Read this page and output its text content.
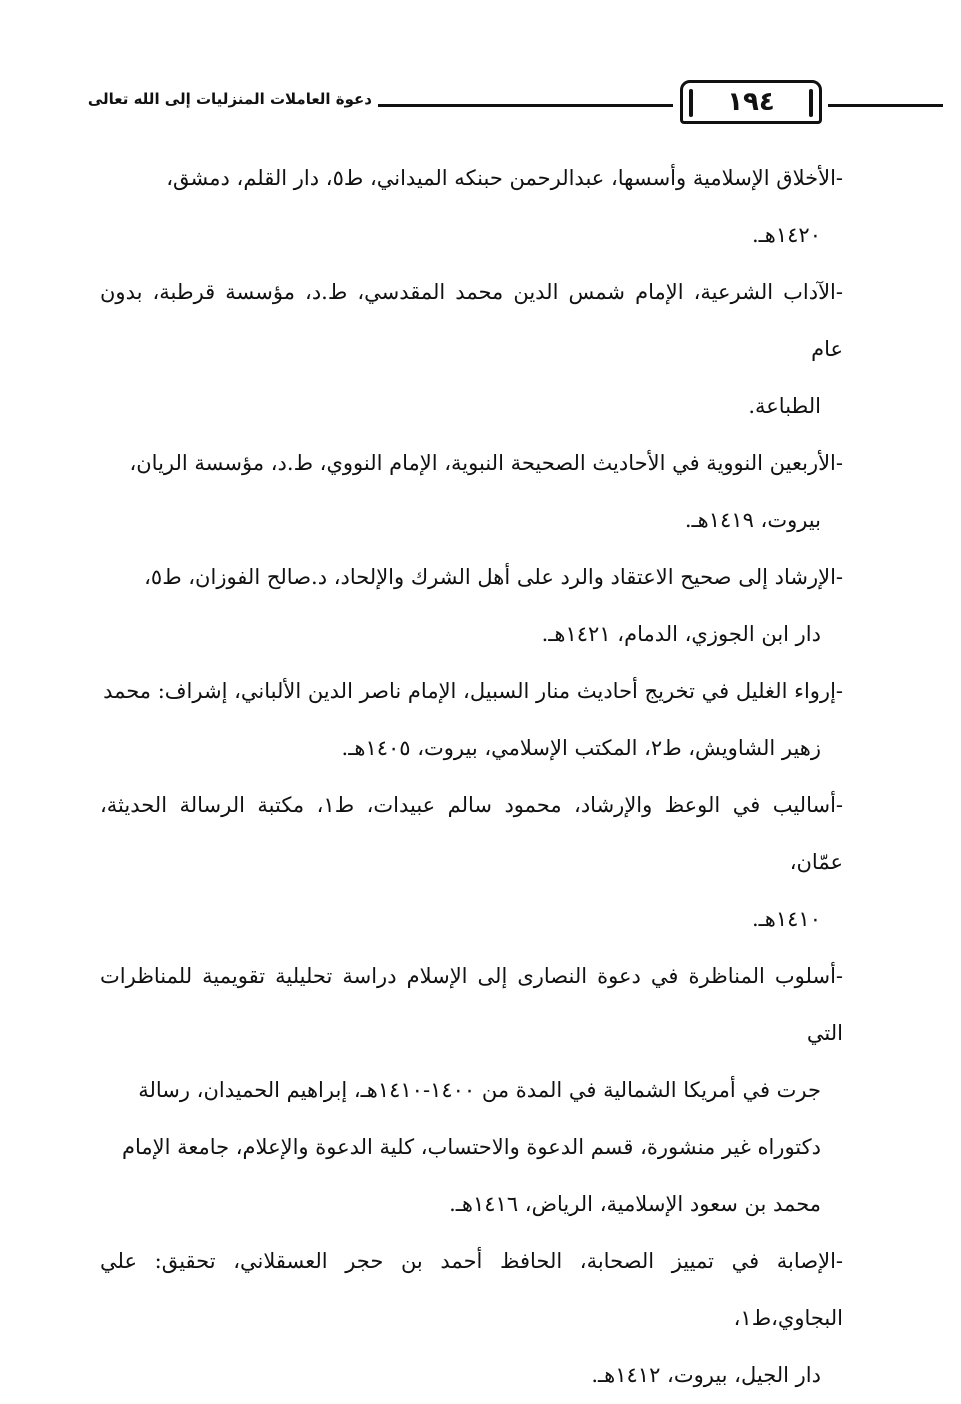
دعوة العاملات المنزليات إلى الله تعالى	١٩٤

-الأخلاق الإسلامية وأسسها، عبدالرحمن حبنكه الميداني، ط٥، دار القلم، دمشق،
١٤٢٠هـ.

-الآداب الشرعية، الإمام شمس الدين محمد المقدسي، ط.د، مؤسسة قرطبة، بدون عام
الطباعة.

-الأربعين النووية في الأحاديث الصحيحة النبوية، الإمام النووي، ط.د، مؤسسة الريان،
بيروت، ١٤١٩هـ.

-الإرشاد إلى صحيح الاعتقاد والرد على أهل الشرك والإلحاد، د.صالح الفوزان، ط٥،
دار ابن الجوزي، الدمام، ١٤٢١هـ.

-إرواء الغليل في تخريج أحاديث منار السبيل، الإمام ناصر الدين الألباني، إشراف: محمد
زهير الشاويش، ط٢، المكتب الإسلامي، بيروت، ١٤٠٥هـ.

-أساليب في الوعظ والإرشاد، محمود سالم عبيدات، ط١، مكتبة الرسالة الحديثة، عمّان،
١٤١٠هـ.

-أسلوب المناظرة في دعوة النصارى إلى الإسلام دراسة تحليلية تقويمية للمناظرات التي
جرت في أمريكا الشمالية في المدة من ١٤٠٠-١٤١٠هـ، إبراهيم الحميدان، رسالة
دكتوراه غير منشورة، قسم الدعوة والاحتساب، كلية الدعوة والإعلام، جامعة الإمام
محمد بن سعود الإسلامية، الرياض، ١٤١٦هـ.

-الإصابة في تمييز الصحابة، الحافظ أحمد بن حجر العسقلاني، تحقيق: علي البجاوي،ط١،
دار الجيل، بيروت، ١٤١٢هـ.
